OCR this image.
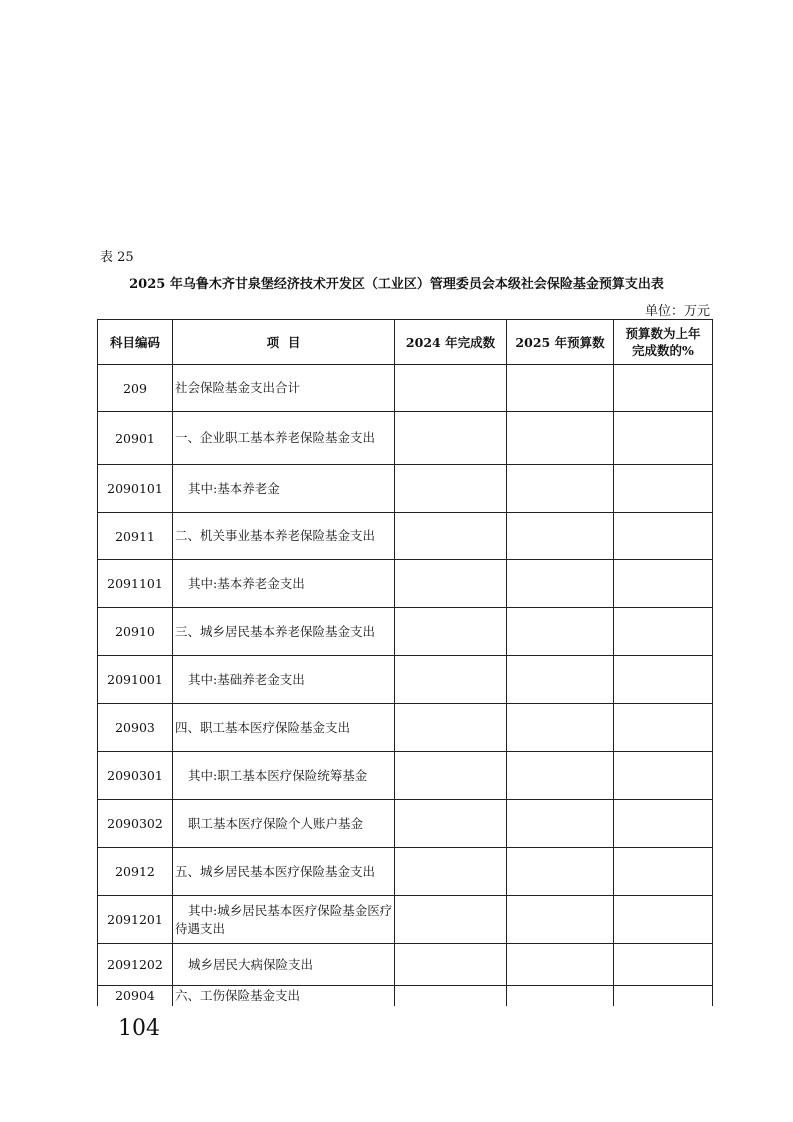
表 25
2025 年乌鲁木齐甘泉堡经济技术开发区（工业区）管理委员会本级社会保险基金预算支出表
单位：万元
科目编码	项  目	2024 年完成数	2025 年预算数	预算数为上年完成数的%
209	社会保险基金支出合计			
20901	一、企业职工基本养老保险基金支出			
2090101	其中:基本养老金			
20911	二、机关事业基本养老保险基金支出			
2091101	其中:基本养老金支出			
20910	三、城乡居民基本养老保险基金支出			
2091001	其中:基础养老金支出			
20903	四、职工基本医疗保险基金支出			
2090301	其中:职工基本医疗保险统筹基金			
2090302	职工基本医疗保险个人账户基金			
20912	五、城乡居民基本医疗保险基金支出			
2091201	其中:城乡居民基本医疗保险基金医疗待遇支出			
2091202	城乡居民大病保险支出			
20904	六、工伤保险基金支出			
104
